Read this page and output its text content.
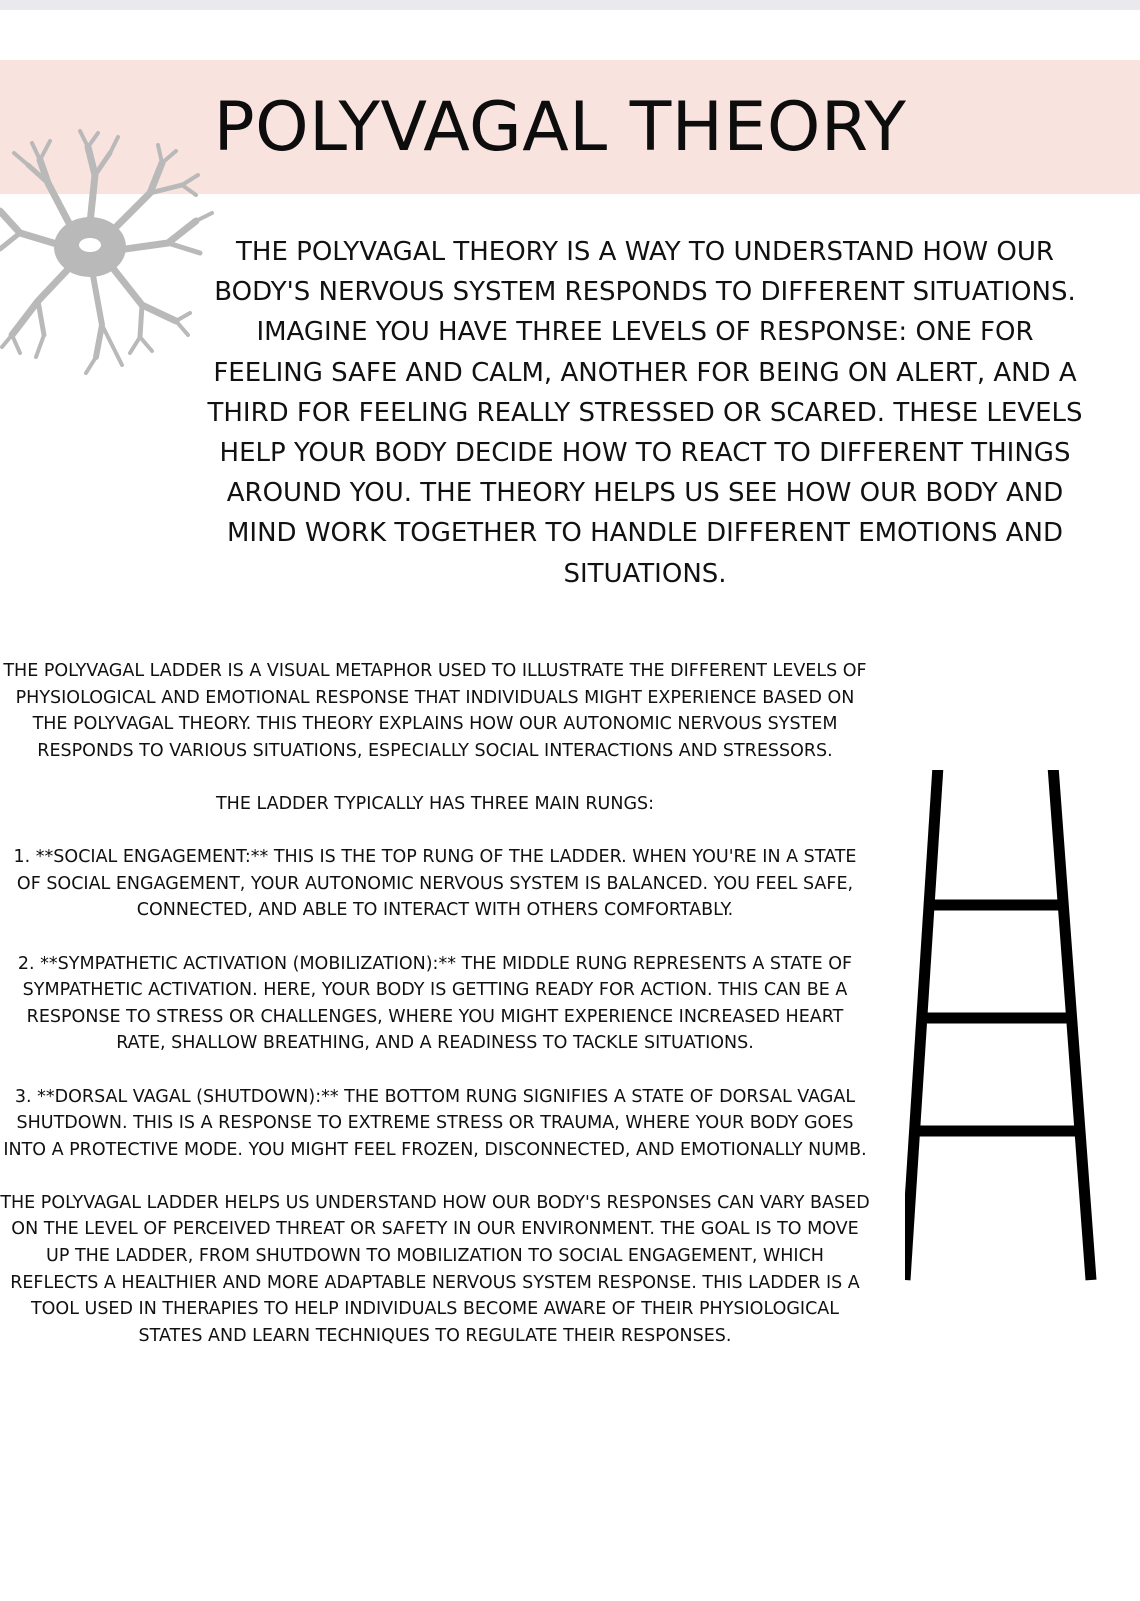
POLYVAGAL THEORY

THE POLYVAGAL THEORY IS A WAY TO UNDERSTAND HOW OUR BODY'S NERVOUS SYSTEM RESPONDS TO DIFFERENT SITUATIONS. IMAGINE YOU HAVE THREE LEVELS OF RESPONSE: ONE FOR FEELING SAFE AND CALM, ANOTHER FOR BEING ON ALERT, AND A THIRD FOR FEELING REALLY STRESSED OR SCARED. THESE LEVELS HELP YOUR BODY DECIDE HOW TO REACT TO DIFFERENT THINGS AROUND YOU. THE THEORY HELPS US SEE HOW OUR BODY AND MIND WORK TOGETHER TO HANDLE DIFFERENT EMOTIONS AND SITUATIONS.

THE POLYVAGAL LADDER IS A VISUAL METAPHOR USED TO ILLUSTRATE THE DIFFERENT LEVELS OF PHYSIOLOGICAL AND EMOTIONAL RESPONSE THAT INDIVIDUALS MIGHT EXPERIENCE BASED ON THE POLYVAGAL THEORY. THIS THEORY EXPLAINS HOW OUR AUTONOMIC NERVOUS SYSTEM RESPONDS TO VARIOUS SITUATIONS, ESPECIALLY SOCIAL INTERACTIONS AND STRESSORS.

THE LADDER TYPICALLY HAS THREE MAIN RUNGS:

1. **SOCIAL ENGAGEMENT:** THIS IS THE TOP RUNG OF THE LADDER. WHEN YOU'RE IN A STATE OF SOCIAL ENGAGEMENT, YOUR AUTONOMIC NERVOUS SYSTEM IS BALANCED. YOU FEEL SAFE, CONNECTED, AND ABLE TO INTERACT WITH OTHERS COMFORTABLY.

2. **SYMPATHETIC ACTIVATION (MOBILIZATION):** THE MIDDLE RUNG REPRESENTS A STATE OF SYMPATHETIC ACTIVATION. HERE, YOUR BODY IS GETTING READY FOR ACTION. THIS CAN BE A RESPONSE TO STRESS OR CHALLENGES, WHERE YOU MIGHT EXPERIENCE INCREASED HEART RATE, SHALLOW BREATHING, AND A READINESS TO TACKLE SITUATIONS.

3. **DORSAL VAGAL (SHUTDOWN):** THE BOTTOM RUNG SIGNIFIES A STATE OF DORSAL VAGAL SHUTDOWN. THIS IS A RESPONSE TO EXTREME STRESS OR TRAUMA, WHERE YOUR BODY GOES INTO A PROTECTIVE MODE. YOU MIGHT FEEL FROZEN, DISCONNECTED, AND EMOTIONALLY NUMB.

THE POLYVAGAL LADDER HELPS US UNDERSTAND HOW OUR BODY'S RESPONSES CAN VARY BASED ON THE LEVEL OF PERCEIVED THREAT OR SAFETY IN OUR ENVIRONMENT. THE GOAL IS TO MOVE UP THE LADDER, FROM SHUTDOWN TO MOBILIZATION TO SOCIAL ENGAGEMENT, WHICH REFLECTS A HEALTHIER AND MORE ADAPTABLE NERVOUS SYSTEM RESPONSE. THIS LADDER IS A TOOL USED IN THERAPIES TO HELP INDIVIDUALS BECOME AWARE OF THEIR PHYSIOLOGICAL STATES AND LEARN TECHNIQUES TO REGULATE THEIR RESPONSES.
